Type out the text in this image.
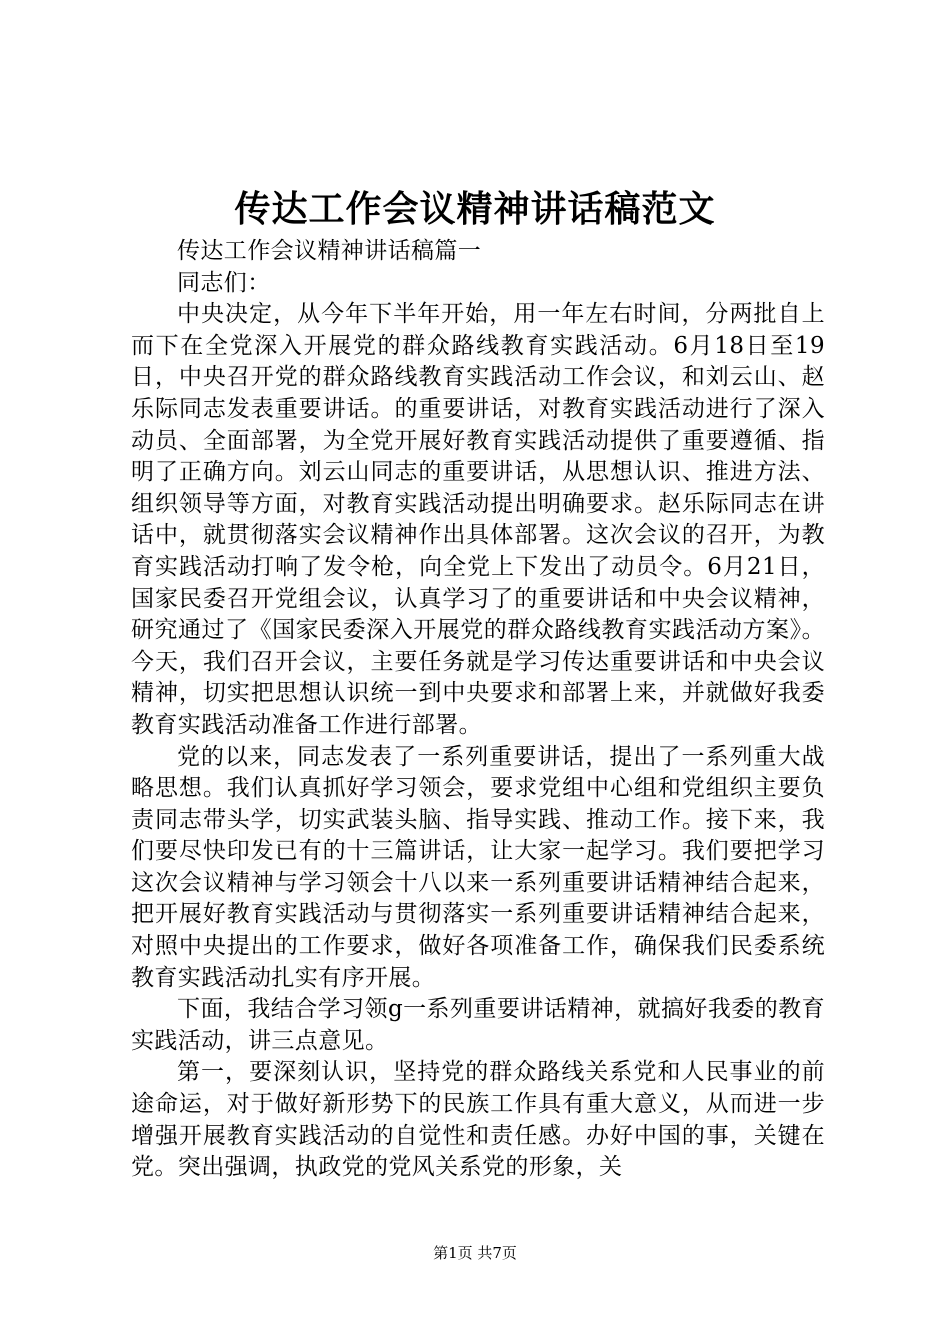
传达工作会议精神讲话稿范文

传达工作会议精神讲话稿篇一

同志们：

中央决定，从今年下半年开始，用一年左右时间，分两批自上而下在全党深入开展党的群众路线教育实践活动。6月18日至19日，中央召开党的群众路线教育实践活动工作会议，和刘云山、赵乐际同志发表重要讲话。的重要讲话，对教育实践活动进行了深入动员、全面部署，为全党开展好教育实践活动提供了重要遵循、指明了正确方向。刘云山同志的重要讲话，从思想认识、推进方法、组织领导等方面，对教育实践活动提出明确要求。赵乐际同志在讲话中，就贯彻落实会议精神作出具体部署。这次会议的召开，为教育实践活动打响了发令枪，向全党上下发出了动员令。6月21日，国家民委召开党组会议，认真学习了的重要讲话和中央会议精神，研究通过了《国家民委深入开展党的群众路线教育实践活动方案》。今天，我们召开会议，主要任务就是学习传达重要讲话和中央会议精神，切实把思想认识统一到中央要求和部署上来，并就做好我委教育实践活动准备工作进行部署。

党的以来，同志发表了一系列重要讲话，提出了一系列重大战略思想。我们认真抓好学习领会，要求党组中心组和党组织主要负责同志带头学，切实武装头脑、指导实践、推动工作。接下来，我们要尽快印发已有的十三篇讲话，让大家一起学习。我们要把学习这次会议精神与学习领会十八以来一系列重要讲话精神结合起来，把开展好教育实践活动与贯彻落实一系列重要讲话精神结合起来，对照中央提出的工作要求，做好各项准备工作，确保我们民委系统教育实践活动扎实有序开展。

下面，我结合学习领g一系列重要讲话精神，就搞好我委的教育实践活动，讲三点意见。

第一，要深刻认识，坚持党的群众路线关系党和人民事业的前途命运，对于做好新形势下的民族工作具有重大意义，从而进一步增强开展教育实践活动的自觉性和责任感。办好中国的事，关键在党。突出强调，执政党的党风关系党的形象，关

第1页 共7页
